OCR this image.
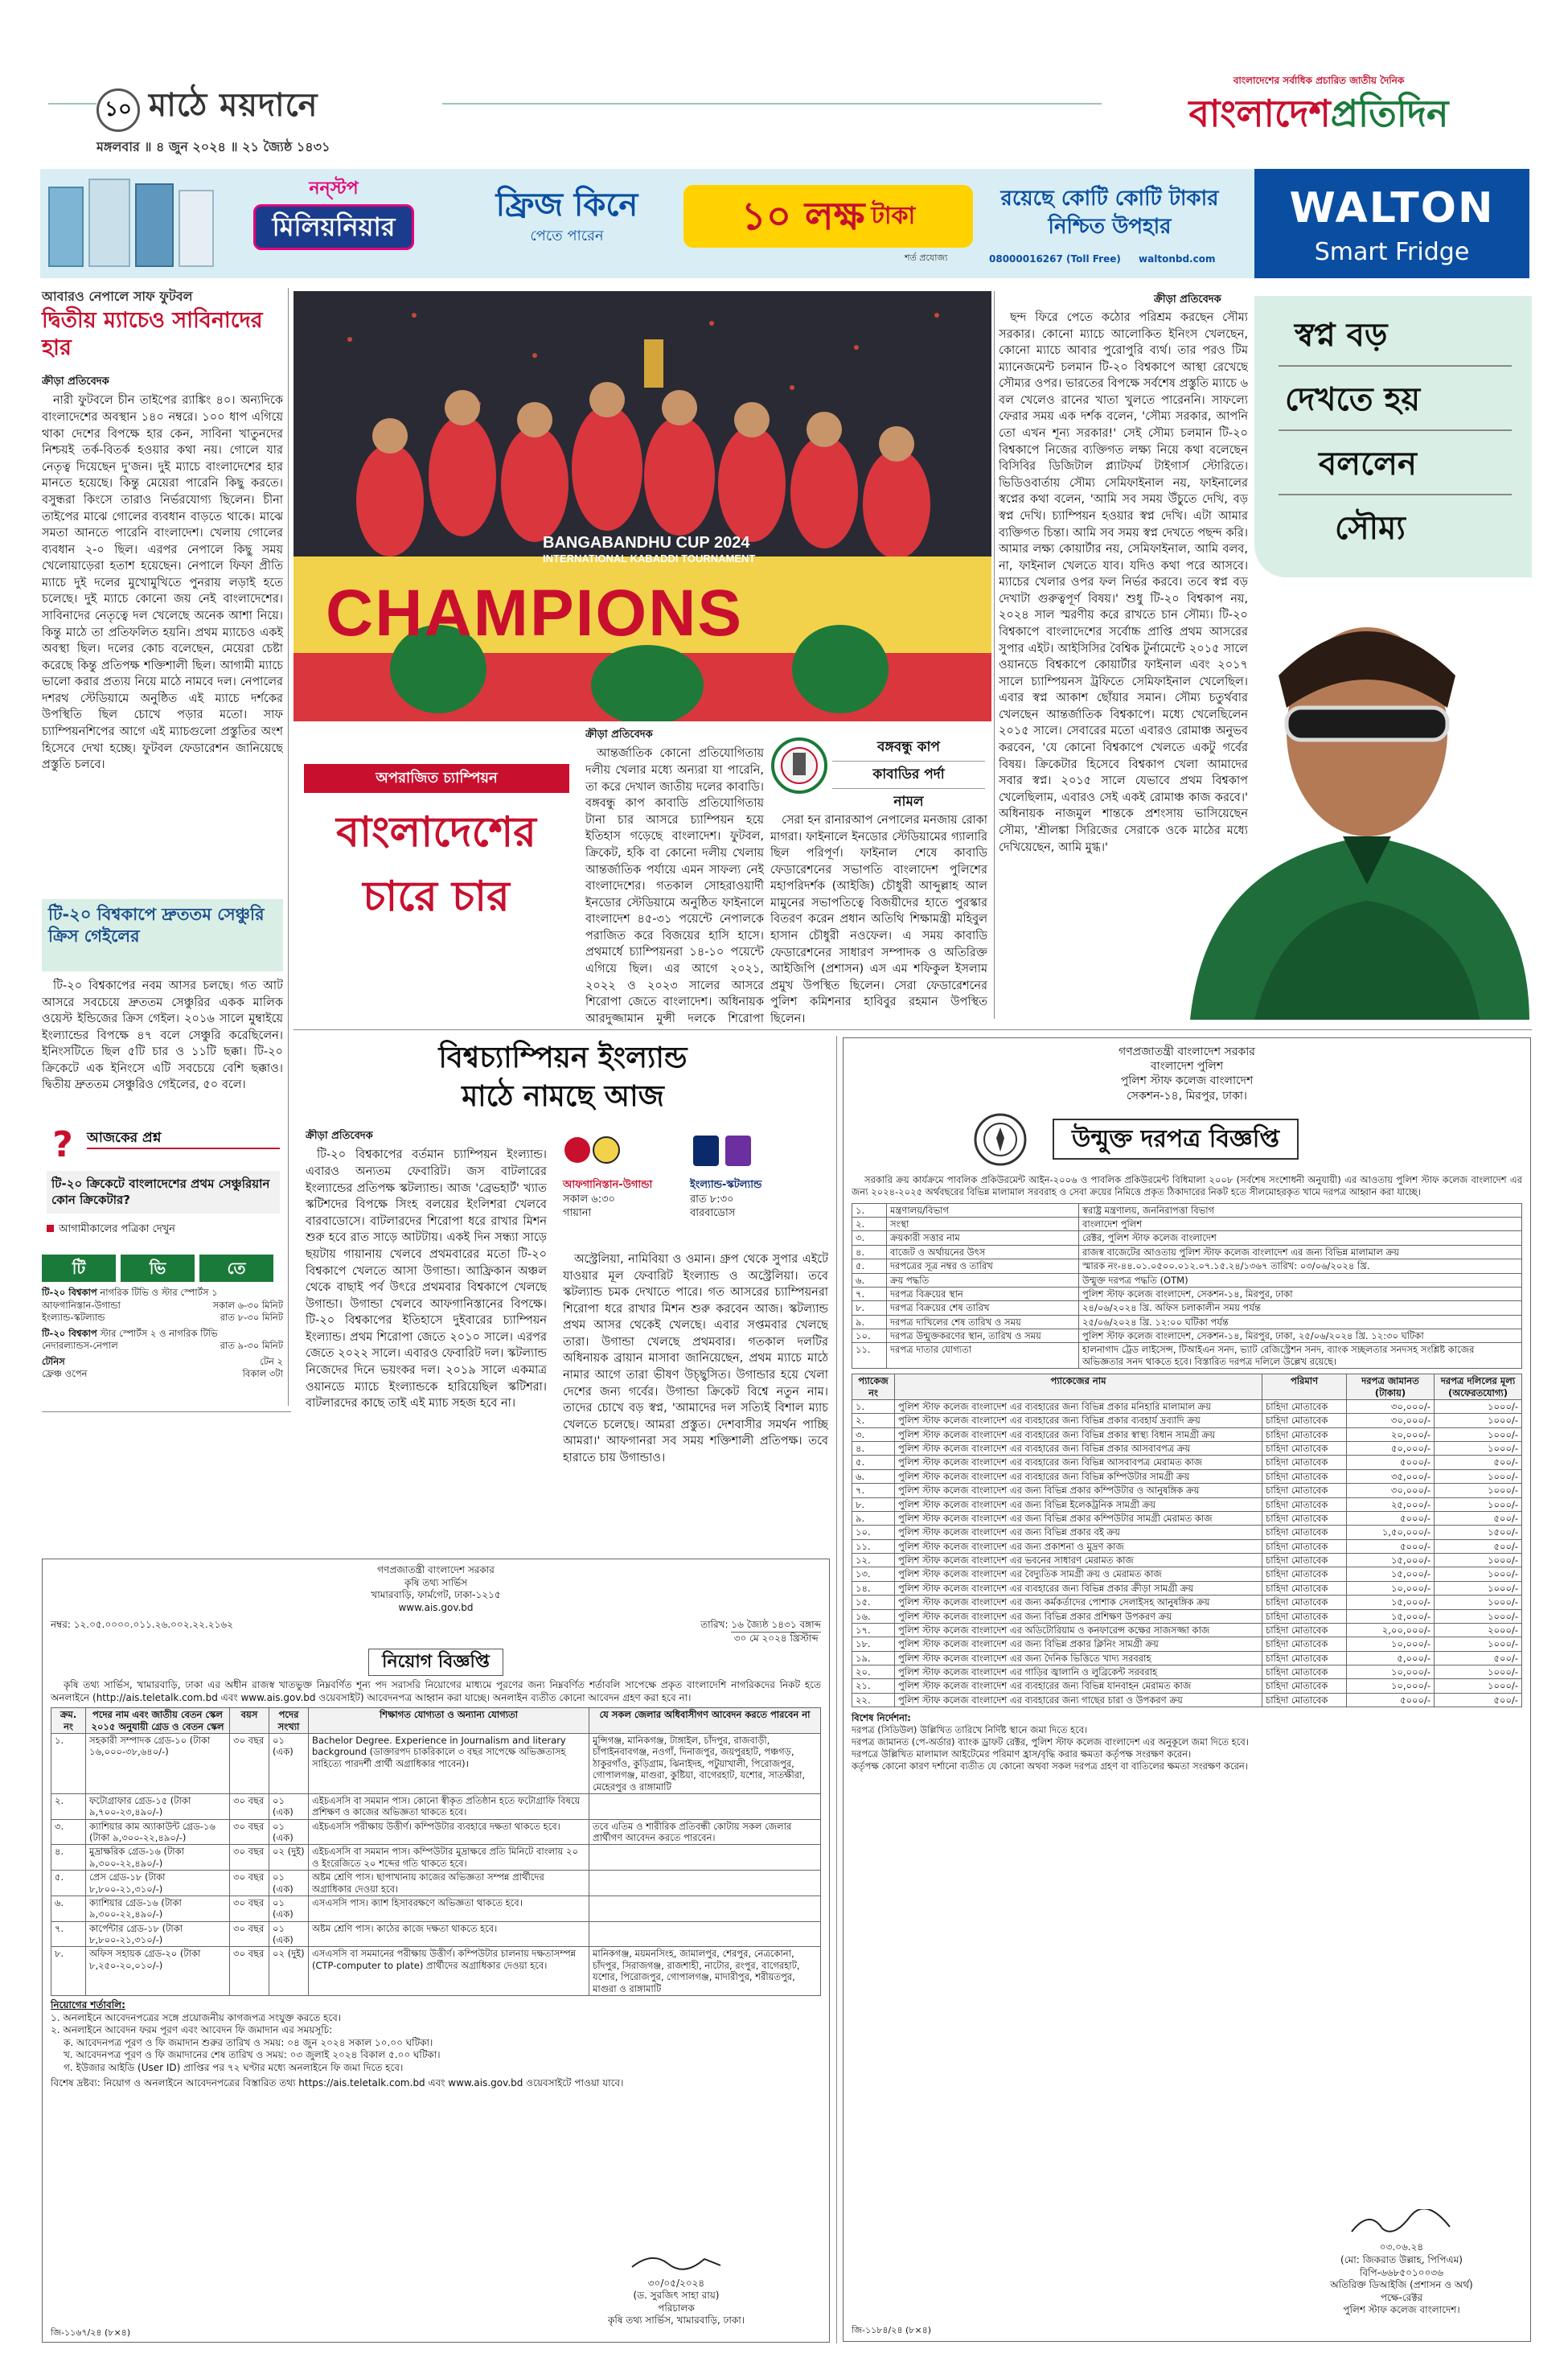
১০ মাঠে ময়দানে
মঙ্গলবার ॥ ৪ জুন ২০২৪ ॥ ২১ জ্যৈষ্ঠ ১৪৩১
বাংলাদেশের সর্বাধিক প্রচারিত জাতীয় দৈনিক
বাংলাদেশপ্রতিদিন
নন্‌স্টপ
মিলিয়নিয়ার
ফ্রিজ কিনে
পেতে পারেন	১০ লক্ষ টাকা
শর্ত প্রযোজ্য
রয়েছে কোটি কোটি টাকার
নিশ্চিত উপহার
08000016267 (Toll Free) waltonbd.com
WALTON
Smart Fridge
আবারও নেপালে সাফ ফুটবল
দ্বিতীয় ম্যাচেও সাবিনাদের হার
ক্রীড়া প্রতিবেদক

নারী ফুটবলে চীন তাইপের র‍্যাঙ্কিং ৪০। অন্যদিকে বাংলাদেশের অবস্থান ১৪০ নম্বরে। ১০০ ধাপ এগিয়ে থাকা দেশের বিপক্ষে হার কেন, সাবিনা খাতুনদের নিশ্চয়ই তর্ক-বিতর্ক হওয়ার কথা নয়। গোলে যার নেতৃত্ব দিয়েছেন দু'জন। দুই ম্যাচে বাংলাদেশের হার মানতে হয়েছে। কিন্তু মেয়েরা পারেনি কিছু করতে। বসুন্ধরা কিংসে তারাও নির্ভরযোগ্য ছিলেন। চীনা তাইপের মাঝে গোলের ব্যবধান বাড়তে থাকে। মাঝে সমতা আনতে পারেনি বাংলাদেশ। খেলায় গোলের ব্যবধান ২-০ ছিল। এরপর নেপালে কিছু সময় খেলোয়াড়েরা হতাশ হয়েছেন। নেপালে ফিফা প্রীতি ম্যাচে দুই দলের মুখোমুখিতে পুনরায় লড়াই হতে চলেছে। দুই ম্যাচে কোনো জয় নেই বাংলাদেশের। সাবিনাদের নেতৃত্বে দল খেলেছে অনেক আশা নিয়ে। কিন্তু মাঠে তা প্রতিফলিত হয়নি। প্রথম ম্যাচেও একই অবস্থা ছিল। দলের কোচ বলেছেন, মেয়েরা চেষ্টা করেছে কিন্তু প্রতিপক্ষ শক্তিশালী ছিল। আগামী ম্যাচে ভালো করার প্রত্যয় নিয়ে মাঠে নামবে দল। নেপালের দশরথ স্টেডিয়ামে অনুষ্ঠিত এই ম্যাচে দর্শকের উপস্থিতি ছিল চোখে পড়ার মতো। সাফ চ্যাম্পিয়নশিপের আগে এই ম্যাচগুলো প্রস্তুতির অংশ হিসেবে দেখা হচ্ছে। ফুটবল ফেডারেশন জানিয়েছে প্রস্তুতি চলবে।

টি-২০ বিশ্বকাপে দ্রুততম সেঞ্চুরি ক্রিস গেইলের

টি-২০ বিশ্বকাপের নবম আসর চলছে। গত আট আসরে সবচেয়ে দ্রুততম সেঞ্চুরির একক মালিক ওয়েস্ট ইন্ডিজের ক্রিস গেইল। ২০১৬ সালে মুম্বাইয়ে ইংল্যান্ডের বিপক্ষে ৪৭ বলে সেঞ্চুরি করেছিলেন। ইনিংসটিতে ছিল ৫টি চার ও ১১টি ছক্কা। টি-২০ ক্রিকেটে এক ইনিংসে এটি সবচেয়ে বেশি ছক্কাও। দ্বিতীয় দ্রুততম সেঞ্চুরিও গেইলের, ৫০ বলে।

?	আজকের প্রশ্ন
টি-২০ ক্রিকেটে বাংলাদেশের প্রথম সেঞ্চুরিয়ান কোন ক্রিকেটার?
আগামীকালের পত্রিকা দেখুন
টি	ভি	তে
টি-২০ বিশ্বকাপ নাগরিক টিভি ও স্টার স্পোর্টস ১
আফগানিস্তান-উগান্ডা	সকাল ৬-৩০ মিনিট
ইংল্যান্ড-স্কটল্যান্ড	রাত ৮-৩০ মিনিট
টি-২০ বিশ্বকাপ স্টার স্পোর্টস ২ ও নাগরিক টিভি
নেদারল্যান্ডস-নেপাল	রাত ৯-৩০ মিনিট
টেনিস	টেন ২
ফ্রেঞ্চ ওপেন	বিকাল ৩টা
BANGABANDHU CUP 2024
INTERNATIONAL KABADDI TOURNAMENT
CHAMPIONS
অপরাজিত চ্যাম্পিয়ন
বাংলাদেশের
চারে চার
ক্রীড়া প্রতিবেদক

আন্তর্জাতিক কোনো প্রতিযোগিতায় দলীয় খেলার মধ্যে অন্যরা যা পারেনি, তা করে দেখাল জাতীয় দলের কাবাডি। বঙ্গবন্ধু কাপ কাবাডি প্রতিযোগিতায় টানা চার আসরে চ্যাম্পিয়ন হয়ে ইতিহাস গড়েছে বাংলাদেশ। ফুটবল, ক্রিকেট, হকি বা কোনো দলীয় খেলায় আন্তর্জাতিক পর্যায়ে এমন সাফল্য নেই বাংলাদেশের। গতকাল সোহরাওয়ার্দী ইনডোর স্টেডিয়ামে অনুষ্ঠিত ফাইনালে বাংলাদেশ ৪৫-৩১ পয়েন্টে নেপালকে পরাজিত করে বিজয়ের হাসি হাসে। প্রথমার্ধে চ্যাম্পিয়নরা ১৪-১০ পয়েন্টে এগিয়ে ছিল। এর আগে ২০২১, ২০২২ ও ২০২৩ সালের আসরে শিরোপা জেতে বাংলাদেশ। অধিনায়ক আরদুজ্জামান মুন্সী দলকে শিরোপা

বঙ্গবন্ধু কাপ
কাবাডির পর্দা
নামল

সেরা হন রানারআপ নেপালের মনজায় রোকা মাগরা। ফাইনালে ইনডোর স্টেডিয়ামের গ্যালারি ছিল পরিপূর্ণ। ফাইনাল শেষে কাবাডি ফেডারেশনের সভাপতি বাংলাদেশ পুলিশের মহাপরিদর্শক (আইজি) চৌধুরী আব্দুল্লাহ আল মামুনের সভাপতিত্বে বিজয়ীদের হাতে পুরস্কার বিতরণ করেন প্রধান অতিথি শিক্ষামন্ত্রী মহিবুল হাসান চৌধুরী নওফেল। এ সময় কাবাডি ফেডারেশনের সাধারণ সম্পাদক ও অতিরিক্ত আইজিপি (প্রশাসন) এস এম শফিকুল ইসলাম প্রমুখ উপস্থিত ছিলেন। সেরা ফেডারেশনের পুলিশ কমিশনার হাবিবুর রহমান উপস্থিত ছিলেন।

ক্রীড়া প্রতিবেদক

ছন্দ ফিরে পেতে কঠোর পরিশ্রম করছেন সৌম্য সরকার। কোনো ম্যাচে আলোকিত ইনিংস খেলছেন, কোনো ম্যাচে আবার পুরোপুরি ব্যর্থ। তার পরও টিম ম্যানেজমেন্ট চলমান টি-২০ বিশ্বকাপে আস্থা রেখেছে সৌম্যর ওপর। ভারতের বিপক্ষে সর্বশেষ প্রস্তুতি ম্যাচে ৬ বল খেলেও রানের খাতা খুলতে পারেননি। সাফল্যে ফেরার সময় এক দর্শক বলেন, 'সৌম্য সরকার, আপনি তো এখন শূন্য সরকার!' সেই সৌম্য চলমান টি-২০ বিশ্বকাপে নিজের ব্যক্তিগত লক্ষ্য নিয়ে কথা বলেছেন বিসিবির ডিজিটাল প্ল্যাটফর্ম টাইগার্স স্টোরিতে। ভিডিওবার্তায় সৌম্য সেমিফাইনাল নয়, ফাইনালের স্বপ্নের কথা বলেন, 'আমি সব সময় উঁচুতে দেখি, বড় স্বপ্ন দেখি। চ্যাম্পিয়ন হওয়ার স্বপ্ন দেখি। এটা আমার ব্যক্তিগত চিন্তা। আমি সব সময় স্বপ্ন দেখতে পছন্দ করি। আমার লক্ষ্য কোয়ার্টার নয়, সেমিফাইনাল, আমি বলব, না, ফাইনাল খেলতে যাব। যদিও কথা পরে আসবে। ম্যাচের খেলার ওপর ফল নির্ভর করবে। তবে স্বপ্ন বড় দেখাটা গুরুত্বপূর্ণ বিষয়।' শুধু টি-২০ বিশ্বকাপ নয়, ২০২৪ সাল স্মরণীয় করে রাখতে চান সৌম্য। টি-২০ বিশ্বকাপে বাংলাদেশের সর্বোচ্চ প্রাপ্তি প্রথম আসরের সুপার এইট। আইসিসির বৈশ্বিক টুর্নামেন্টে ২০১৫ সালে ওয়ানডে বিশ্বকাপে কোয়ার্টার ফাইনাল এবং ২০১৭ সালে চ্যাম্পিয়নস ট্রফিতে সেমিফাইনাল খেলেছিল। এবার স্বপ্ন আকাশ ছোঁয়ার সমান। সৌম্য চতুর্থবার খেলছেন আন্তর্জাতিক বিশ্বকাপে। মধ্যে খেলেছিলেন ২০১৫ সালে। সেবারের মতো এবারও রোমাঞ্চ অনুভব করবেন, 'যে কোনো বিশ্বকাপে খেলতে একটু গর্বের বিষয়। ক্রিকেটার হিসেবে বিশ্বকাপ খেলা আমাদের সবার স্বপ্ন। ২০১৫ সালে যেভাবে প্রথম বিশ্বকাপ খেলেছিলাম, এবারও সেই একই রোমাঞ্চ কাজ করবে।' অধিনায়ক নাজমুল শান্তকে প্রশংসায় ভাসিয়েছেন সৌম্য, 'শ্রীলঙ্কা সিরিজের সেরাকে ওকে মাঠের মধ্যে দেখিয়েছেন, আমি মুগ্ধ।'

স্বপ্ন বড়
দেখতে হয়
বললেন
সৌম্য
বিশ্বচ্যাম্পিয়ন ইংল্যান্ড
মাঠে নামছে আজ
ক্রীড়া প্রতিবেদক

টি-২০ বিশ্বকাপের বর্তমান চ্যাম্পিয়ন ইংল্যান্ড। এবারও অন্যতম ফেবারিট। জস বাটলারের ইংল্যান্ডের প্রতিপক্ষ স্কটল্যান্ড। আজ 'ব্রেভহার্ট' খ্যাত স্কটিশদের বিপক্ষে সিংহ বলয়ের ইংলিশরা খেলবে বারবাডোসে। বাটলারদের শিরোপা ধরে রাখার মিশন শুরু হবে রাত সাড়ে আটটায়। একই দিন সন্ধ্যা সাড়ে ছয়টায় গায়ানায় খেলবে প্রথমবারের মতো টি-২০ বিশ্বকাপে খেলতে আসা উগান্ডা। আফ্রিকান অঞ্চল থেকে বাছাই পর্ব উৎরে প্রথমবার বিশ্বকাপে খেলছে উগান্ডা। উগান্ডা খেলবে আফগানিস্তানের বিপক্ষে। টি-২০ বিশ্বকাপের ইতিহাসে দুইবারের চ্যাম্পিয়ন ইংল্যান্ড। প্রথম শিরোপা জেতে ২০১০ সালে। এরপর জেতে ২০২২ সালে। এবারও ফেবারিট দল। স্কটল্যান্ড নিজেদের দিনে ভয়ংকর দল। ২০১৯ সালে একমাত্র ওয়ানডে ম্যাচে ইংল্যান্ডকে হারিয়েছিল স্কটিশরা। বাটলারদের কাছে তাই এই ম্যাচ সহজ হবে না।

আফগানিস্তান-উগান্ডা
সকাল ৬:৩০
গায়ানা
ইংল্যান্ড-স্কটল্যান্ড
রাত ৮:৩০
বারবাডোস

অস্ট্রেলিয়া, নামিবিয়া ও ওমান। গ্রুপ থেকে সুপার এইটে যাওয়ার মূল ফেবারিট ইংল্যান্ড ও অস্ট্রেলিয়া। তবে স্কটল্যান্ড চমক দেখাতে পারে। গত আসরের চ্যাম্পিয়নরা শিরোপা ধরে রাখার মিশন শুরু করবেন আজ। স্কটল্যান্ড প্রথম আসর থেকেই খেলছে। এবার সপ্তমবার খেলছে তারা। উগান্ডা খেলছে প্রথমবার। গতকাল দলটির অধিনায়ক ব্রায়ান মাসাবা জানিয়েছেন, প্রথম ম্যাচে মাঠে নামার আগে তারা ভীষণ উচ্ছ্বসিত। উগান্ডার হয়ে খেলা দেশের জন্য গর্বের। উগান্ডা ক্রিকেট বিশ্বে নতুন নাম। তাদের চোখে বড় স্বপ্ন, 'আমাদের দল সত্যিই বিশাল ম্যাচ খেলতে চলেছে। আমরা প্রস্তুত। দেশবাসীর সমর্থন পাচ্ছি আমরা।' আফগানরা সব সময় শক্তিশালী প্রতিপক্ষ। তবে হারাতে চায় উগান্ডাও।

গণপ্রজাতন্ত্রী বাংলাদেশ সরকার
কৃষি তথ্য সার্ভিস
খামারবাড়ি, ফার্মগেট, ঢাকা-১২১৫
www.ais.gov.bd
নম্বর: ১২.০৫.০০০০.০১১.২৬.০০২.২২.২১৬২	তারিখ: ১৬ জ্যৈষ্ঠ ১৪৩১ বঙ্গাব্দ
৩০ মে ২০২৪ খ্রিস্টাব্দ
নিয়োগ বিজ্ঞপ্তি
কৃষি তথ্য সার্ভিস, খামারবাড়ি, ঢাকা এর অধীন রাজস্ব খাতভুক্ত নিম্নবর্ণিত শূন্য পদ সরাসরি নিয়োগের মাধ্যমে পূরণের জন্য নিম্নবর্ণিত শর্তাবলি সাপেক্ষে প্রকৃত বাংলাদেশি নাগরিকদের নিকট হতে অনলাইনে (http://ais.teletalk.com.bd এবং www.ais.gov.bd ওয়েবসাইট) আবেদনপত্র আহ্বান করা যাচ্ছে। অনলাইন ব্যতীত কোনো আবেদন গ্রহণ করা হবে না।
ক্রম. নং	পদের নাম এবং জাতীয় বেতন স্কেল ২০১৫ অনুযায়ী গ্রেড ও বেতন স্কেল	বয়স	পদের সংখ্যা	শিক্ষাগত যোগ্যতা ও অন্যান্য যোগ্যতা	যে সকল জেলার অধিবাসীগণ আবেদন করতে পারবেন না
১.	সহকারী সম্পাদক গ্রেড-১০ (টাকা ১৬,০০০-৩৮,৬৪০/-)	৩০ বছর	০১ (এক)	Bachelor Degree. Experience in Journalism and literary background (ডাক্তারপদ চাকরিকালে ৩ বছর সাপেক্ষে অভিজ্ঞতাসহ সাহিত্যে পারদর্শী প্রার্থী অগ্রাধিকার পাবেন)।	মুন্সিগঞ্জ, মানিকগঞ্জ, টাঙ্গাইল, চাঁদপুর, রাজবাড়ী, চাঁপাইনবাবগঞ্জ, নওগাঁ, দিনাজপুর, জয়পুরহাট, পঞ্চগড়, ঠাকুরগাঁও, কুড়িগ্রাম, ঝিনাইদহ, পটুয়াখালী, পিরোজপুর, গোপালগঞ্জ, মাগুরা, কুষ্টিয়া, বাগেরহাট, যশোর, সাতক্ষীরা, মেহেরপুর ও রাঙ্গামাটি
২.	ফটোগ্রাফার গ্রেড-১৫ (টাকা ৯,৭০০-২৩,৪৯০/-)	৩০ বছর	০১ (এক)	এইচএসসি বা সমমান পাস। কোনো স্বীকৃত প্রতিষ্ঠান হতে ফটোগ্রাফি বিষয়ে প্রশিক্ষণ ও কাজের অভিজ্ঞতা থাকতে হবে।	
৩.	ক্যাশিয়ার কাম অ্যাকাউন্ট গ্রেড-১৬ (টাকা ৯,৩০০-২২,৪৯০/-)	৩০ বছর	০১ (এক)	এইচএসসি পরীক্ষায় উত্তীর্ণ। কম্পিউটার ব্যবহারে দক্ষতা থাকতে হবে।	তবে এতিম ও শারীরিক প্রতিবন্ধী কোটায় সকল জেলার প্রার্থীগণ আবেদন করতে পারবেন।
৪.	মুদ্রাক্ষরিক গ্রেড-১৬ (টাকা ৯,৩০০-২২,৪৯০/-)	৩০ বছর	০২ (দুই)	এইচএসসি বা সমমান পাস। কম্পিউটার মুদ্রাক্ষরে প্রতি মিনিটে বাংলায় ২০ ও ইংরেজিতে ২০ শব্দের গতি থাকতে হবে।	
৫.	প্রেস গ্রেড-১৮ (টাকা ৮,৮০০-২১,৩১০/-)	৩০ বছর	০১ (এক)	অষ্টম শ্রেণি পাস। ছাপাখানায় কাজের অভিজ্ঞতা সম্পন্ন প্রার্থীদের অগ্রাধিকার দেওয়া হবে।	
৬.	ক্যাশিয়ার গ্রেড-১৬ (টাকা ৯,৩০০-২২,৪৯০/-)	৩০ বছর	০১ (এক)	এসএসসি পাস। ক্যাশ হিসাবরক্ষণে অভিজ্ঞতা থাকতে হবে।	
৭.	কার্পেন্টার গ্রেড-১৮ (টাকা ৮,৮০০-২১,৩১০/-)	৩০ বছর	০১ (এক)	অষ্টম শ্রেণি পাস। কাঠের কাজে দক্ষতা থাকতে হবে।	
৮.	অফিস সহায়ক গ্রেড-২০ (টাকা ৮,২৫০-২০,০১০/-)	৩০ বছর	০২ (দুই)	এসএসসি বা সমমানের পরীক্ষায় উত্তীর্ণ। কম্পিউটার চালনায় দক্ষতাসম্পন্ন (CTP-computer to plate) প্রার্থীদের অগ্রাধিকার দেওয়া হবে।	মানিকগঞ্জ, ময়মনসিংহ, জামালপুর, শেরপুর, নেত্রকোনা, চাঁদপুর, সিরাজগঞ্জ, রাজশাহী, নাটোর, রংপুর, বাগেরহাট, যশোর, পিরোজপুর, গোপালগঞ্জ, মাদারীপুর, শরীয়তপুর, মাগুরা ও রাঙ্গামাটি
নিয়োগের শর্তাবলি:
১. অনলাইনে আবেদনপত্রের সঙ্গে প্রয়োজনীয় কাগজপত্র সংযুক্ত করতে হবে।
২. অনলাইনে আবেদন ফরম পূরণ এবং আবেদন ফি জমাদান এর সময়সূচি:
ক. আবেদনপত্র পূরণ ও ফি জমাদান শুরুর তারিখ ও সময়: ০৪ জুন ২০২৪ সকাল ১০.০০ ঘটিকা।
খ. আবেদনপত্র পূরণ ও ফি জমাদানের শেষ তারিখ ও সময়: ০৩ জুলাই ২০২৪ বিকাল ৫.০০ ঘটিকা।
গ. ইউজার আইডি (User ID) প্রাপ্তির পর ৭২ ঘণ্টার মধ্যে অনলাইনে ফি জমা দিতে হবে।
বিশেষ দ্রষ্টব্য: নিয়োগ ও অনলাইনে আবেদনপত্রের বিস্তারিত তথ্য https://ais.teletalk.com.bd এবং www.ais.gov.bd ওয়েবসাইটে পাওয়া যাবে।
৩০/০৫/২০২৪
(ড. সুরজিৎ সাহা রায়)
পরিচালক
কৃষি তথ্য সার্ভিস, খামারবাড়ি, ঢাকা।
জি-১১৬৭/২৪ (৮×৪)
গণপ্রজাতন্ত্রী বাংলাদেশ সরকার
বাংলাদেশ পুলিশ
পুলিশ স্টাফ কলেজ বাংলাদেশ
সেকশন-১৪, মিরপুর, ঢাকা।
উন্মুক্ত দরপত্র বিজ্ঞপ্তি
সরকারি ক্রয় কার্যক্রমে পাবলিক প্রকিউরমেন্ট আইন-২০০৬ ও পাবলিক প্রকিউরমেন্ট বিধিমালা ২০০৮ (সর্বশেষ সংশোধনী অনুযায়ী) এর আওতায় পুলিশ স্টাফ কলেজ বাংলাদেশ এর জন্য ২০২৪-২০২৫ অর্থবছরের বিভিন্ন মালামাল সরবরাহ ও সেবা ক্রয়ের নিমিত্তে প্রকৃত ঠিকাদারের নিকট হতে সীলমোহরকৃত খামে দরপত্র আহ্বান করা যাচ্ছে।
১.	মন্ত্রণালয়/বিভাগ	স্বরাষ্ট্র মন্ত্রণালয়, জননিরাপত্তা বিভাগ
২.	সংস্থা	বাংলাদেশ পুলিশ
৩.	ক্রয়কারী সত্তার নাম	রেক্টর, পুলিশ স্টাফ কলেজ বাংলাদেশ
৪.	বাজেট ও অর্থায়নের উৎস	রাজস্ব বাজেটের আওতায় পুলিশ স্টাফ কলেজ বাংলাদেশ এর জন্য বিভিন্ন মালামাল ক্রয়
৫.	দরপত্রের সূত্র নম্বর ও তারিখ	স্মারক নং-৪৪.০১.০৫০০.০১২.০৭.১৫.২৪/১৩৬৭ তারিখ: ০৩/০৬/২০২৪ খ্রি.
৬.	ক্রয় পদ্ধতি	উন্মুক্ত দরপত্র পদ্ধতি (OTM)
৭.	দরপত্র বিক্রয়ের স্থান	পুলিশ স্টাফ কলেজ বাংলাদেশ, সেকশন-১৪, মিরপুর, ঢাকা
৮.	দরপত্র বিক্রয়ের শেষ তারিখ	২৪/০৬/২০২৪ খ্রি. অফিস চলাকালীন সময় পর্যন্ত
৯.	দরপত্র দাখিলের শেষ তারিখ ও সময়	২৫/০৬/২০২৪ খ্রি. ১২:০০ ঘটিকা পর্যন্ত
১০.	দরপত্র উন্মুক্তকরণের স্থান, তারিখ ও সময়	পুলিশ স্টাফ কলেজ বাংলাদেশ, সেকশন-১৪, মিরপুর, ঢাকা, ২৫/০৬/২০২৪ খ্রি. ১২:৩০ ঘটিকা
১১.	দরপত্র দাতার যোগ্যতা	হালনাগাদ ট্রেড লাইসেন্স, টিআইএন সনদ, ভ্যাট রেজিস্ট্রেশন সনদ, ব্যাংক সচ্ছলতার সনদসহ সংশ্লিষ্ট কাজের অভিজ্ঞতার সনদ থাকতে হবে। বিস্তারিত দরপত্র দলিলে উল্লেখ রয়েছে।
প্যাকেজ নং	প্যাকেজের নাম	পরিমাণ	দরপত্র জামানত (টাকায়)	দরপত্র দলিলের মূল্য (অফেরতযোগ্য)
১.	পুলিশ স্টাফ কলেজ বাংলাদেশ এর ব্যবহারের জন্য বিভিন্ন প্রকার মনিহারি মালামাল ক্রয়	চাহিদা মোতাবেক	৩০,০০০/-	১০০০/-
২.	পুলিশ স্টাফ কলেজ বাংলাদেশ এর ব্যবহারের জন্য বিভিন্ন প্রকার ব্যবহার্য দ্রব্যাদি ক্রয়	চাহিদা মোতাবেক	৩০,০০০/-	১০০০/-
৩.	পুলিশ স্টাফ কলেজ বাংলাদেশ এর ব্যবহারের জন্য বিভিন্ন প্রকার স্বাস্থ্য বিধান সামগ্রী ক্রয়	চাহিদা মোতাবেক	২০,০০০/-	১০০০/-
৪.	পুলিশ স্টাফ কলেজ বাংলাদেশ এর ব্যবহারের জন্য বিভিন্ন প্রকার আসবাবপত্র ক্রয়	চাহিদা মোতাবেক	৫০,০০০/-	১০০০/-
৫.	পুলিশ স্টাফ কলেজ বাংলাদেশ এর ব্যবহারের জন্য বিভিন্ন আসবাবপত্র মেরামত কাজ	চাহিদা মোতাবেক	৫০০০/-	৫০০/-
৬.	পুলিশ স্টাফ কলেজ বাংলাদেশ এর ব্যবহারের জন্য বিভিন্ন কম্পিউটার সামগ্রী ক্রয়	চাহিদা মোতাবেক	৩৫,০০০/-	১০০০/-
৭.	পুলিশ স্টাফ কলেজ বাংলাদেশ এর জন্য বিভিন্ন প্রকার কম্পিউটার ও আনুষঙ্গিক ক্রয়	চাহিদা মোতাবেক	৩০,০০০/-	১০০০/-
৮.	পুলিশ স্টাফ কলেজ বাংলাদেশ এর জন্য বিভিন্ন ইলেকট্রনিক সামগ্রী ক্রয়	চাহিদা মোতাবেক	২৫,০০০/-	১০০০/-
৯.	পুলিশ স্টাফ কলেজ বাংলাদেশ এর জন্য বিভিন্ন প্রকার কম্পিউটার সামগ্রী মেরামত কাজ	চাহিদা মোতাবেক	৫০০০/-	৫০০/-
১০.	পুলিশ স্টাফ কলেজ বাংলাদেশ এর জন্য বিভিন্ন প্রকার বই ক্রয়	চাহিদা মোতাবেক	১,৫০,০০০/-	১৫০০/-
১১.	পুলিশ স্টাফ কলেজ বাংলাদেশ এর জন্য প্রকাশনা ও মুদ্রণ কাজ	চাহিদা মোতাবেক	৫০০০/-	৫০০/-
১২.	পুলিশ স্টাফ কলেজ বাংলাদেশ এর ভবনের সাধারণ মেরামত কাজ	চাহিদা মোতাবেক	১৫,০০০/-	১০০০/-
১৩.	পুলিশ স্টাফ কলেজ বাংলাদেশ এর বৈদ্যুতিক সামগ্রী ক্রয় ও মেরামত কাজ	চাহিদা মোতাবেক	১৫,০০০/-	১০০০/-
১৪.	পুলিশ স্টাফ কলেজ বাংলাদেশ এর ব্যবহারের জন্য বিভিন্ন প্রকার ক্রীড়া সামগ্রী ক্রয়	চাহিদা মোতাবেক	১০,০০০/-	১০০০/-
১৫.	পুলিশ স্টাফ কলেজ বাংলাদেশ এর জন্য কর্মকর্তাদের পোশাক সেলাইসহ আনুষঙ্গিক ক্রয়	চাহিদা মোতাবেক	১৫,০০০/-	১০০০/-
১৬.	পুলিশ স্টাফ কলেজ বাংলাদেশ এর জন্য বিভিন্ন প্রকার প্রশিক্ষণ উপকরণ ক্রয়	চাহিদা মোতাবেক	১৫,০০০/-	১০০০/-
১৭.	পুলিশ স্টাফ কলেজ বাংলাদেশ এর অডিটোরিয়াম ও কনফারেন্স কক্ষের সাজসজ্জা কাজ	চাহিদা মোতাবেক	২,০০,০০০/-	২০০০/-
১৮.	পুলিশ স্টাফ কলেজ বাংলাদেশ এর জন্য বিভিন্ন প্রকার ক্লিনিং সামগ্রী ক্রয়	চাহিদা মোতাবেক	১০,০০০/-	১০০০/-
১৯.	পুলিশ স্টাফ কলেজ বাংলাদেশ এর জন্য দৈনিক ভিত্তিতে খাদ্য সরবরাহ	চাহিদা মোতাবেক	৫,০০০/-	৫০০/-
২০.	পুলিশ স্টাফ কলেজ বাংলাদেশ এর গাড়ির জ্বালানি ও লুব্রিকেন্ট সরবরাহ	চাহিদা মোতাবেক	১০,০০০/-	১০০০/-
২১.	পুলিশ স্টাফ কলেজ বাংলাদেশ এর ব্যবহারের জন্য বিভিন্ন যানবাহন মেরামত কাজ	চাহিদা মোতাবেক	১০,০০০/-	১০০০/-
২২.	পুলিশ স্টাফ কলেজ বাংলাদেশ এর ব্যবহারের জন্য গাছের চারা ও উপকরণ ক্রয়	চাহিদা মোতাবেক	৫০০০/-	৫০০/-
বিশেষ নির্দেশনা:
দরপত্র (সিডিউল) উল্লিখিত তারিখে নির্দিষ্ট স্থানে জমা দিতে হবে।
দরপত্র জামানত (পে-অর্ডার) ব্যাংক ড্রাফট রেক্টর, পুলিশ স্টাফ কলেজ বাংলাদেশ এর অনুকূলে জমা দিতে হবে।
দরপত্রে উল্লিখিত মালামাল আইটেমের পরিমাণ হ্রাস/বৃদ্ধি করার ক্ষমতা কর্তৃপক্ষ সংরক্ষণ করেন।
কর্তৃপক্ষ কোনো কারণ দর্শানো ব্যতীত যে কোনো অথবা সকল দরপত্র গ্রহণ বা বাতিলের ক্ষমতা সংরক্ষণ করেন।
০৩.০৬.২৪
(মো: জিকরাত উল্লাহ, পিপিএম)
বিপি-৬৬৮৫০১০০৩৬
অতিরিক্ত ডিআইজি (প্রশাসন ও অর্থ)
পক্ষে-রেক্টর
পুলিশ স্টাফ কলেজ বাংলাদেশ।
জি-১১৮৪/২৪ (৮×৪)
